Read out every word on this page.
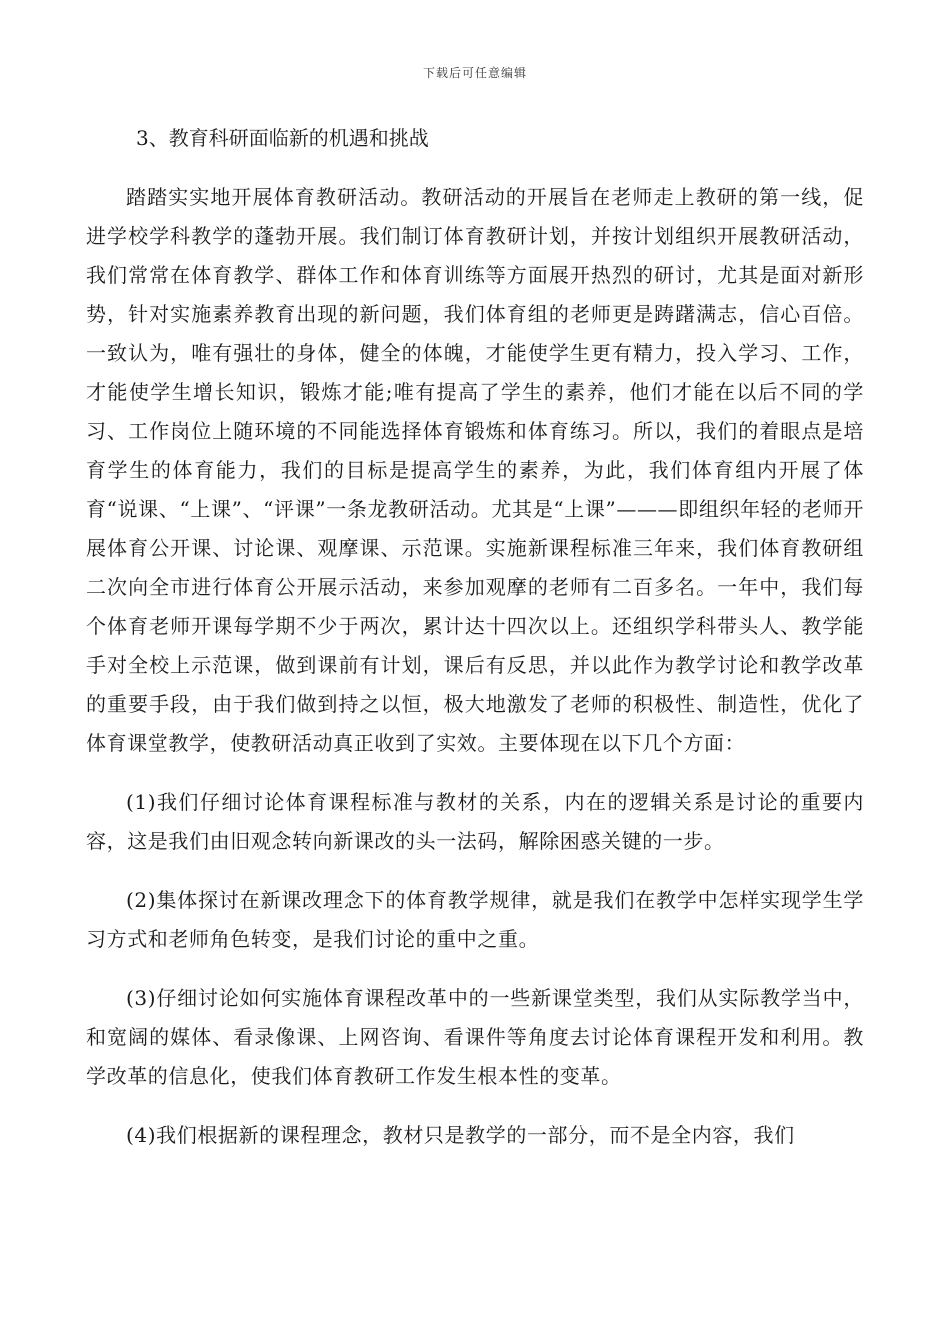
下载后可任意编辑
3、教育科研面临新的机遇和挑战

踏踏实实地开展体育教研活动。教研活动的开展旨在老师走上教研的第一线，促进学校学科教学的蓬勃开展。我们制订体育教研计划，并按计划组织开展教研活动，我们常常在体育教学、群体工作和体育训练等方面展开热烈的研讨，尤其是面对新形势，针对实施素养教育出现的新问题，我们体育组的老师更是踌躇满志，信心百倍。一致认为，唯有强壮的身体，健全的体魄，才能使学生更有精力，投入学习、工作，才能使学生增长知识，锻炼才能;唯有提高了学生的素养，他们才能在以后不同的学习、工作岗位上随环境的不同能选择体育锻炼和体育练习。所以，我们的着眼点是培育学生的体育能力，我们的目标是提高学生的素养，为此，我们体育组内开展了体育“说课、“上课”、“评课”一条龙教研活动。尤其是“上课”———即组织年轻的老师开展体育公开课、讨论课、观摩课、示范课。实施新课程标准三年来，我们体育教研组二次向全市进行体育公开展示活动，来参加观摩的老师有二百多名。一年中，我们每个体育老师开课每学期不少于两次，累计达十四次以上。还组织学科带头人、教学能手对全校上示范课，做到课前有计划，课后有反思，并以此作为教学讨论和教学改革的重要手段，由于我们做到持之以恒，极大地激发了老师的积极性、制造性，优化了体育课堂教学，使教研活动真正收到了实效。主要体现在以下几个方面：

(1)我们仔细讨论体育课程标准与教材的关系，内在的逻辑关系是讨论的重要内容，这是我们由旧观念转向新课改的头一法码，解除困惑关键的一步。

(2)集体探讨在新课改理念下的体育教学规律，就是我们在教学中怎样实现学生学习方式和老师角色转变，是我们讨论的重中之重。

(3)仔细讨论如何实施体育课程改革中的一些新课堂类型，我们从实际教学当中，和宽阔的媒体、看录像课、上网咨询、看课件等角度去讨论体育课程开发和利用。教学改革的信息化，使我们体育教研工作发生根本性的变革。

(4)我们根据新的课程理念，教材只是教学的一部分，而不是全内容，我们
